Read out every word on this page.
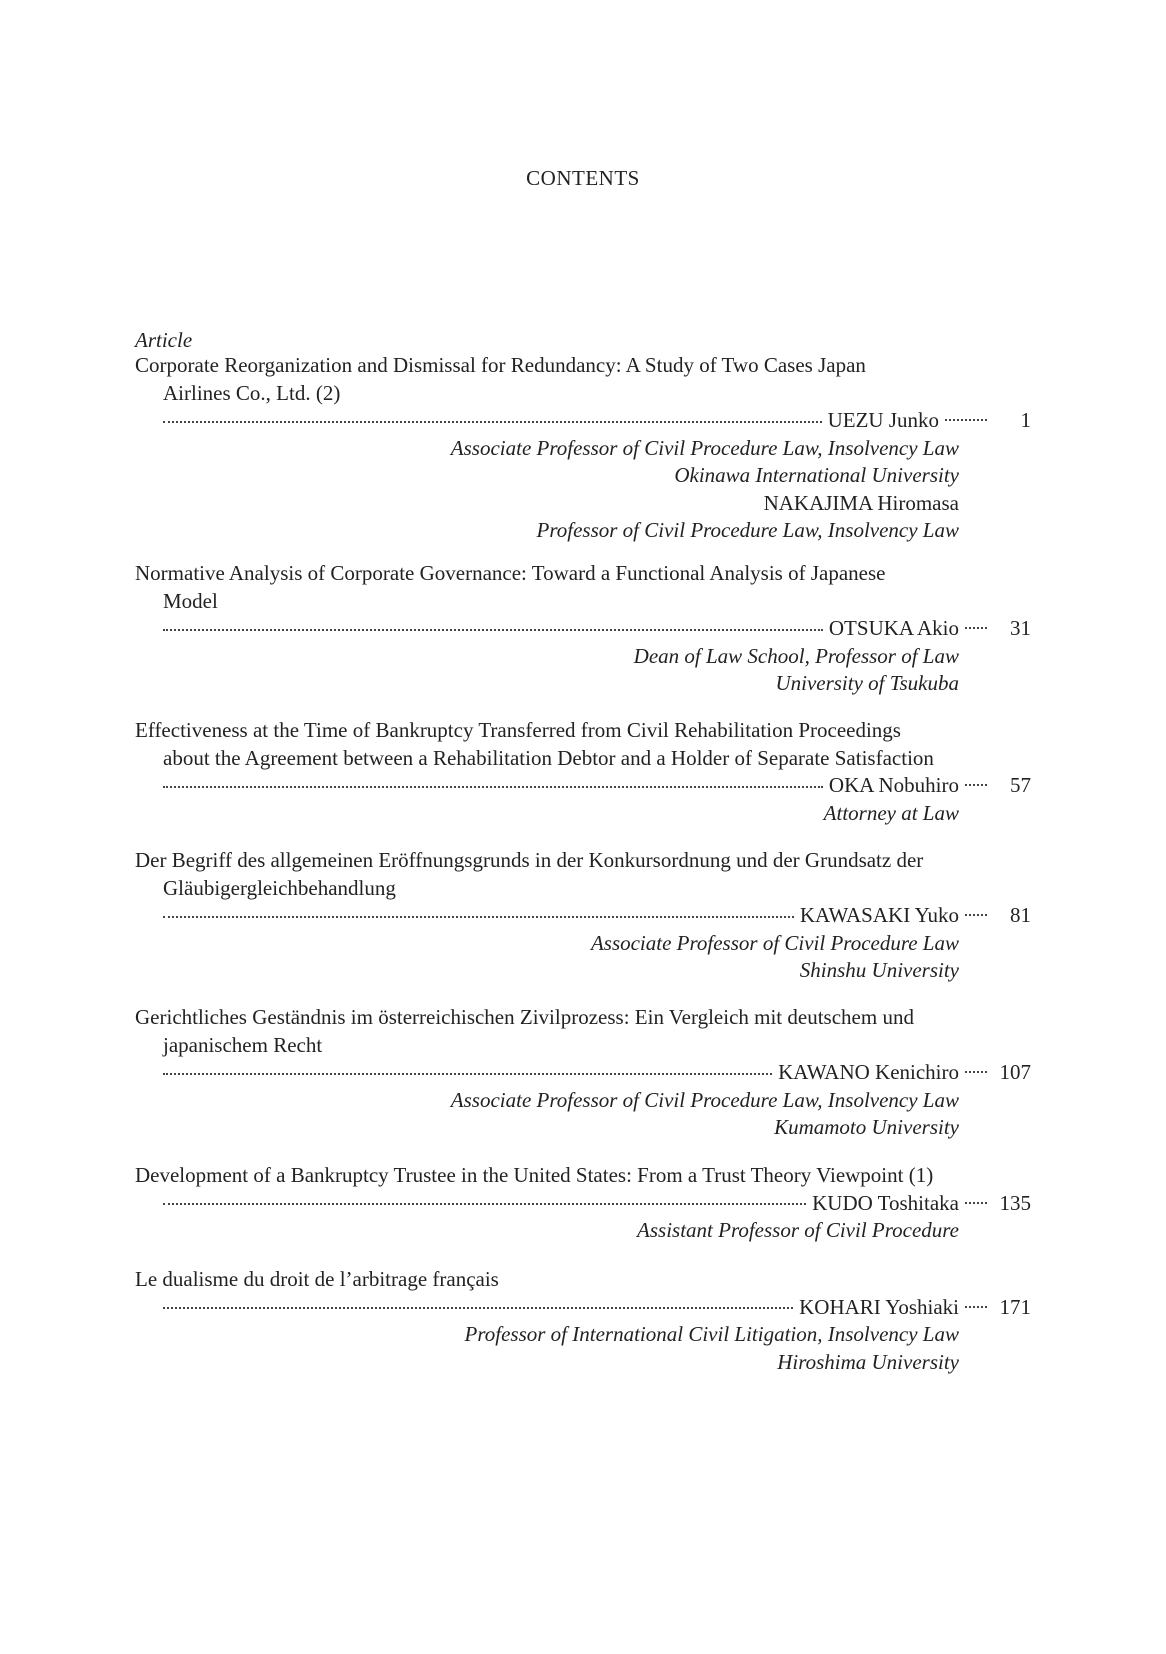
CONTENTS
Article
Corporate Reorganization and Dismissal for Redundancy: A Study of Two Cases Japan
Airlines Co., Ltd. (2)
UEZU Junko	1
Associate Professor of Civil Procedure Law, Insolvency Law
Okinawa International University
NAKAJIMA Hiromasa
Professor of Civil Procedure Law, Insolvency Law
Normative Analysis of Corporate Governance: Toward a Functional Analysis of Japanese
Model
OTSUKA Akio	31
Dean of Law School, Professor of Law
University of Tsukuba
Effectiveness at the Time of Bankruptcy Transferred from Civil Rehabilitation Proceedings
about the Agreement between a Rehabilitation Debtor and a Holder of Separate Satisfaction
OKA Nobuhiro	57
Attorney at Law
Der Begriff des allgemeinen Eröffnungsgrunds in der Konkursordnung und der Grundsatz der
Gläubigergleichbehandlung
KAWASAKI Yuko	81
Associate Professor of Civil Procedure Law
Shinshu University
Gerichtliches Geständnis im österreichischen Zivilprozess: Ein Vergleich mit deutschem und
japanischem Recht
KAWANO Kenichiro	107
Associate Professor of Civil Procedure Law, Insolvency Law
Kumamoto University
Development of a Bankruptcy Trustee in the United States: From a Trust Theory Viewpoint (1)
KUDO Toshitaka	135
Assistant Professor of Civil Procedure
Le dualisme du droit de l’arbitrage français
KOHARI Yoshiaki	171
Professor of International Civil Litigation, Insolvency Law
Hiroshima University
